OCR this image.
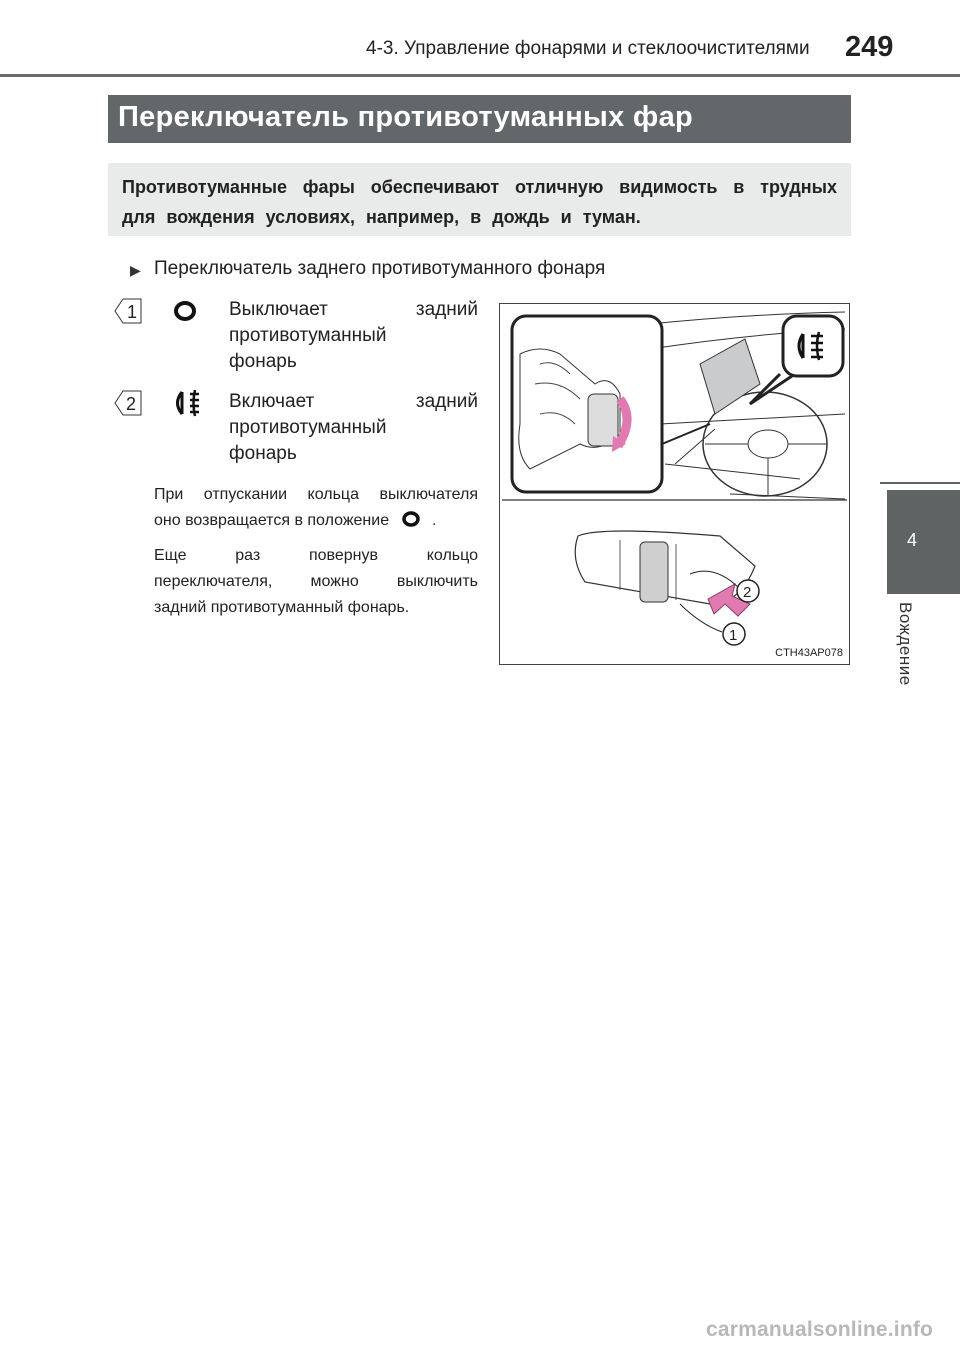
4-3. Управление фонарями и стеклоочистителями 249
4
Вождение
Переключатель противотуманных фар
Противотуманные фары обеспечивают отличную видимость в трудных для вождения условиях, например, в дождь и туман.
▶ Переключатель заднего противотуманного фонаря
1	Выключает задний
противотуманный
фонарь
2	Включает задний
противотуманный
фонарь
При отпускании кольца выключателя
оно возвращается в положение	.
Еще раз повернув кольцо
переключателя, можно выключить
задний противотуманный фонарь.
2
1
CTH43AP078
carmanualsonline.info
